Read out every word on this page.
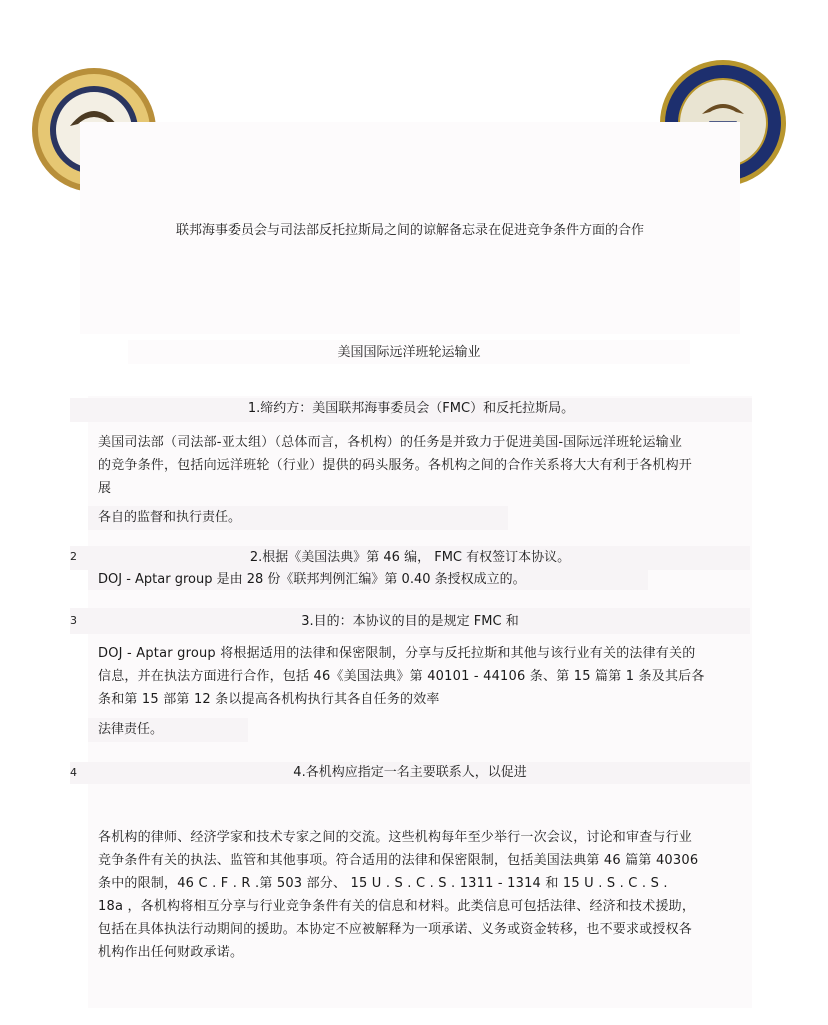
联邦海事委员会与司法部反托拉斯局之间的谅解备忘录在促进竞争条件方面的合作
美国国际远洋班轮运输业
1.缔约方：美国联邦海事委员会（FMC）和反托拉斯局。
美国司法部（司法部-亚太组）（总体而言，各机构）的任务是并致力于促进美国-国际远洋班轮运输业
的竞争条件，包括向远洋班轮（行业）提供的码头服务。各机构之间的合作关系将大大有利于各机构开
展
各自的监督和执行责任。
2	2.根据《美国法典》第 46 编， FMC 有权签订本协议。
DOJ - Aptar group 是由 28 份《联邦判例汇编》第 0.40 条授权成立的。
3	3.目的：本协议的目的是规定 FMC 和
DOJ - Aptar group 将根据适用的法律和保密限制，分享与反托拉斯和其他与该行业有关的法律有关的
信息，并在执法方面进行合作，包括 46《美国法典》第 40101 - 44106 条、第 15 篇第 1 条及其后各
条和第 15 部第 12 条以提高各机构执行其各自任务的效率
法律责任。
4	4.各机构应指定一名主要联系人，以促进
各机构的律师、经济学家和技术专家之间的交流。这些机构每年至少举行一次会议，讨论和审查与行业
竞争条件有关的执法、监管和其他事项。符合适用的法律和保密限制，包括美国法典第 46 篇第 40306
条中的限制，46 C . F . R .第 503 部分、 15 U . S . C . S . 1311 - 1314 和 15 U . S . C . S .
18a ，各机构将相互分享与行业竞争条件有关的信息和材料。此类信息可包括法律、经济和技术援助，
包括在具体执法行动期间的援助。本协定不应被解释为一项承诺、义务或资金转移，也不要求或授权各
机构作出任何财政承诺。
